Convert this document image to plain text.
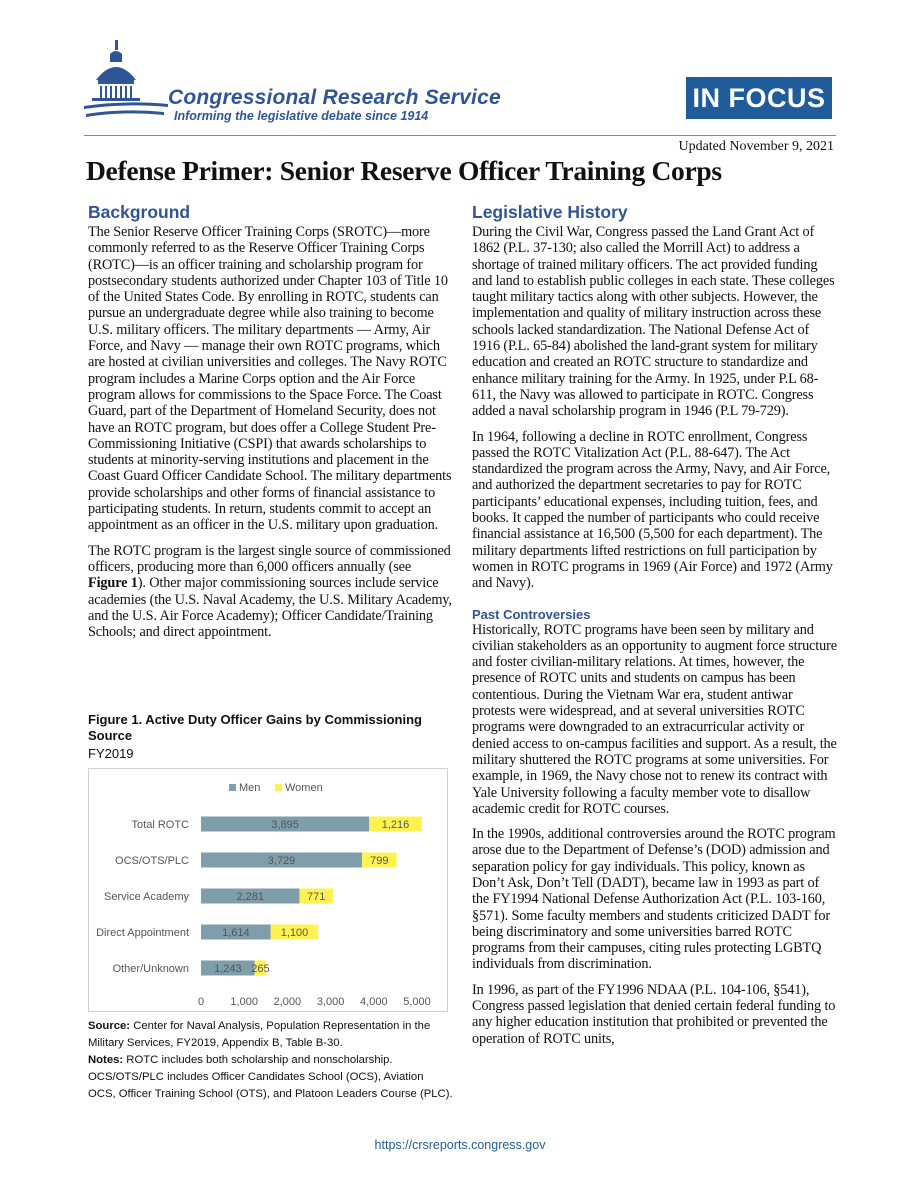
Congressional Research Service
Informing the legislative debate since 1914
IN FOCUS
Updated November 9, 2021
Defense Primer: Senior Reserve Officer Training Corps
Background

The Senior Reserve Officer Training Corps (SROTC)—more commonly referred to as the Reserve Officer Training Corps (ROTC)—is an officer training and scholarship program for postsecondary students authorized under Chapter 103 of Title 10 of the United States Code. By enrolling in ROTC, students can pursue an undergraduate degree while also training to become U.S. military officers. The military departments — Army, Air Force, and Navy — manage their own ROTC programs, which are hosted at civilian universities and colleges. The Navy ROTC program includes a Marine Corps option and the Air Force program allows for commissions to the Space Force. The Coast Guard, part of the Department of Homeland Security, does not have an ROTC program, but does offer a College Student Pre-Commissioning Initiative (CSPI) that awards scholarships to students at minority-serving institutions and placement in the Coast Guard Officer Candidate School. The military departments provide scholarships and other forms of financial assistance to participating students. In return, students commit to accept an appointment as an officer in the U.S. military upon graduation.

The ROTC program is the largest single source of commissioned officers, producing more than 6,000 officers annually (see Figure 1). Other major commissioning sources include service academies (the U.S. Naval Academy, the U.S. Military Academy, and the U.S. Air Force Academy); Officer Candidate/Training Schools; and direct appointment.

Figure 1. Active Duty Officer Gains by Commissioning Source
FY2019
Men Women
Total ROTC	3,895	1,216
OCS/OTS/PLC	3,729	799
Service Academy	2,281	771
Direct Appointment	1,614	1,100
Other/Unknown 1,243 265
0 1,000 2,000 3,000 4,000 5,000
Source: Center for Naval Analysis, Population Representation in the Military Services, FY2019, Appendix B, Table B-30.
Notes: ROTC includes both scholarship and nonscholarship. OCS/OTS/PLC includes Officer Candidates School (OCS), Aviation OCS, Officer Training School (OTS), and Platoon Leaders Course (PLC).
Legislative History

During the Civil War, Congress passed the Land Grant Act of 1862 (P.L. 37-130; also called the Morrill Act) to address a shortage of trained military officers. The act provided funding and land to establish public colleges in each state. These colleges taught military tactics along with other subjects. However, the implementation and quality of military instruction across these schools lacked standardization. The National Defense Act of 1916 (P.L. 65-84) abolished the land-grant system for military education and created an ROTC structure to standardize and enhance military training for the Army. In 1925, under P.L 68-611, the Navy was allowed to participate in ROTC. Congress added a naval scholarship program in 1946 (P.L 79-729).

In 1964, following a decline in ROTC enrollment, Congress passed the ROTC Vitalization Act (P.L. 88-647). The Act standardized the program across the Army, Navy, and Air Force, and authorized the department secretaries to pay for ROTC participants’ educational expenses, including tuition, fees, and books. It capped the number of participants who could receive financial assistance at 16,500 (5,500 for each department). The military departments lifted restrictions on full participation by women in ROTC programs in 1969 (Air Force) and 1972 (Army and Navy).

Past Controversies

Historically, ROTC programs have been seen by military and civilian stakeholders as an opportunity to augment force structure and foster civilian-military relations. At times, however, the presence of ROTC units and students on campus has been contentious. During the Vietnam War era, student antiwar protests were widespread, and at several universities ROTC programs were downgraded to an extracurricular activity or denied access to on-campus facilities and support. As a result, the military shuttered the ROTC programs at some universities. For example, in 1969, the Navy chose not to renew its contract with Yale University following a faculty member vote to disallow academic credit for ROTC courses.

In the 1990s, additional controversies around the ROTC program arose due to the Department of Defense’s (DOD) admission and separation policy for gay individuals. This policy, known as Don’t Ask, Don’t Tell (DADT), became law in 1993 as part of the FY1994 National Defense Authorization Act (P.L. 103-160, §571). Some faculty members and students criticized DADT for being discriminatory and some universities barred ROTC programs from their campuses, citing rules protecting LGBTQ individuals from discrimination.

In 1996, as part of the FY1996 NDAA (P.L. 104-106, §541), Congress passed legislation that denied certain federal funding to any higher education institution that prohibited or prevented the operation of ROTC units,

https://crsreports.congress.gov
